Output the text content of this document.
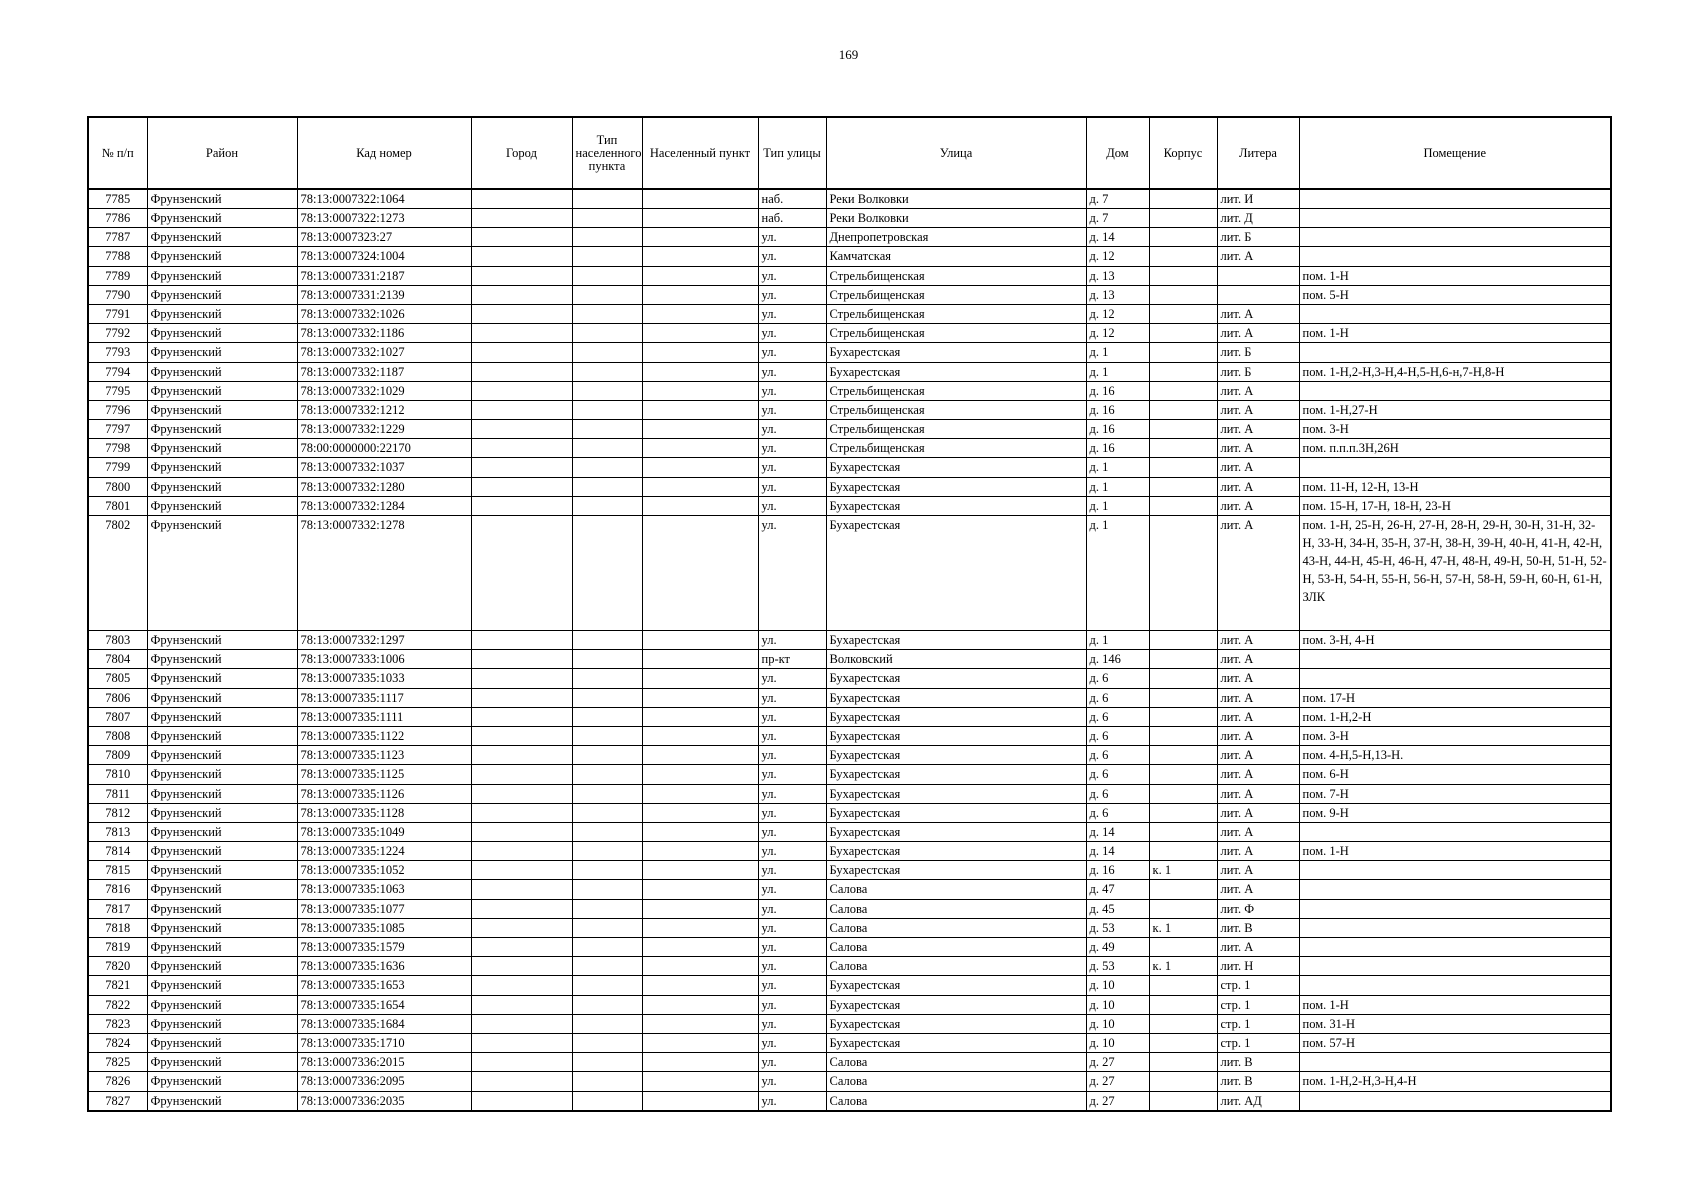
169
№ п/п	Район	Кад номер	Город	Тип населенного пункта	Населенный пункт	Тип улицы	Улица	Дом	Корпус	Литера	Помещение
7785	Фрунзенский	78:13:0007322:1064				наб.	Реки Волковки	д. 7		лит. И	
7786	Фрунзенский	78:13:0007322:1273				наб.	Реки Волковки	д. 7		лит. Д	
7787	Фрунзенский	78:13:0007323:27				ул.	Днепропетровская	д. 14		лит. Б	
7788	Фрунзенский	78:13:0007324:1004				ул.	Камчатская	д. 12		лит. А	
7789	Фрунзенский	78:13:0007331:2187				ул.	Стрельбищенская	д. 13			пом. 1-Н
7790	Фрунзенский	78:13:0007331:2139				ул.	Стрельбищенская	д. 13			пом. 5-Н
7791	Фрунзенский	78:13:0007332:1026				ул.	Стрельбищенская	д. 12		лит. А	
7792	Фрунзенский	78:13:0007332:1186				ул.	Стрельбищенская	д. 12		лит. А	пом. 1-Н
7793	Фрунзенский	78:13:0007332:1027				ул.	Бухарестская	д. 1		лит. Б	
7794	Фрунзенский	78:13:0007332:1187				ул.	Бухарестская	д. 1		лит. Б	пом. 1-Н,2-Н,3-Н,4-Н,5-Н,6-н,7-Н,8-Н
7795	Фрунзенский	78:13:0007332:1029				ул.	Стрельбищенская	д. 16		лит. А	
7796	Фрунзенский	78:13:0007332:1212				ул.	Стрельбищенская	д. 16		лит. А	пом. 1-Н,27-Н
7797	Фрунзенский	78:13:0007332:1229				ул.	Стрельбищенская	д. 16		лит. А	пом. 3-Н
7798	Фрунзенский	78:00:0000000:22170				ул.	Стрельбищенская	д. 16		лит. А	пом. п.п.п.3Н,26Н
7799	Фрунзенский	78:13:0007332:1037				ул.	Бухарестская	д. 1		лит. А	
7800	Фрунзенский	78:13:0007332:1280				ул.	Бухарестская	д. 1		лит. А	пом. 11-Н, 12-Н, 13-Н
7801	Фрунзенский	78:13:0007332:1284				ул.	Бухарестская	д. 1		лит. А	пом. 15-Н, 17-Н, 18-Н, 23-Н
7802	Фрунзенский	78:13:0007332:1278				ул.	Бухарестская	д. 1		лит. А	пом. 1-Н, 25-Н, 26-Н, 27-Н, 28-Н, 29-Н, 30-Н, 31-Н, 32-Н, 33-Н, 34-Н, 35-Н, 37-Н, 38-Н, 39-Н, 40-Н, 41-Н, 42-Н, 43-Н, 44-Н, 45-Н, 46-Н, 47-Н, 48-Н, 49-Н, 50-Н, 51-Н, 52-Н, 53-Н, 54-Н, 55-Н, 56-Н, 57-Н, 58-Н, 59-Н, 60-Н, 61-Н, ЗЛК
7803	Фрунзенский	78:13:0007332:1297				ул.	Бухарестская	д. 1		лит. А	пом. 3-Н, 4-Н
7804	Фрунзенский	78:13:0007333:1006				пр-кт	Волковский	д. 146		лит. А	
7805	Фрунзенский	78:13:0007335:1033				ул.	Бухарестская	д. 6		лит. А	
7806	Фрунзенский	78:13:0007335:1117				ул.	Бухарестская	д. 6		лит. А	пом. 17-Н
7807	Фрунзенский	78:13:0007335:1111				ул.	Бухарестская	д. 6		лит. А	пом. 1-Н,2-Н
7808	Фрунзенский	78:13:0007335:1122				ул.	Бухарестская	д. 6		лит. А	пом. 3-Н
7809	Фрунзенский	78:13:0007335:1123				ул.	Бухарестская	д. 6		лит. А	пом. 4-Н,5-Н,13-Н.
7810	Фрунзенский	78:13:0007335:1125				ул.	Бухарестская	д. 6		лит. А	пом. 6-Н
7811	Фрунзенский	78:13:0007335:1126				ул.	Бухарестская	д. 6		лит. А	пом. 7-Н
7812	Фрунзенский	78:13:0007335:1128				ул.	Бухарестская	д. 6		лит. А	пом. 9-Н
7813	Фрунзенский	78:13:0007335:1049				ул.	Бухарестская	д. 14		лит. А	
7814	Фрунзенский	78:13:0007335:1224				ул.	Бухарестская	д. 14		лит. А	пом. 1-Н
7815	Фрунзенский	78:13:0007335:1052				ул.	Бухарестская	д. 16	к. 1	лит. А	
7816	Фрунзенский	78:13:0007335:1063				ул.	Салова	д. 47		лит. А	
7817	Фрунзенский	78:13:0007335:1077				ул.	Салова	д. 45		лит. Ф	
7818	Фрунзенский	78:13:0007335:1085				ул.	Салова	д. 53	к. 1	лит. В	
7819	Фрунзенский	78:13:0007335:1579				ул.	Салова	д. 49		лит. А	
7820	Фрунзенский	78:13:0007335:1636				ул.	Салова	д. 53	к. 1	лит. Н	
7821	Фрунзенский	78:13:0007335:1653				ул.	Бухарестская	д. 10		стр. 1	
7822	Фрунзенский	78:13:0007335:1654				ул.	Бухарестская	д. 10		стр. 1	пом. 1-Н
7823	Фрунзенский	78:13:0007335:1684				ул.	Бухарестская	д. 10		стр. 1	пом. 31-Н
7824	Фрунзенский	78:13:0007335:1710				ул.	Бухарестская	д. 10		стр. 1	пом. 57-Н
7825	Фрунзенский	78:13:0007336:2015				ул.	Салова	д. 27		лит. В	
7826	Фрунзенский	78:13:0007336:2095				ул.	Салова	д. 27		лит. В	пом. 1-Н,2-Н,3-Н,4-Н
7827	Фрунзенский	78:13:0007336:2035				ул.	Салова	д. 27		лит. АД	
